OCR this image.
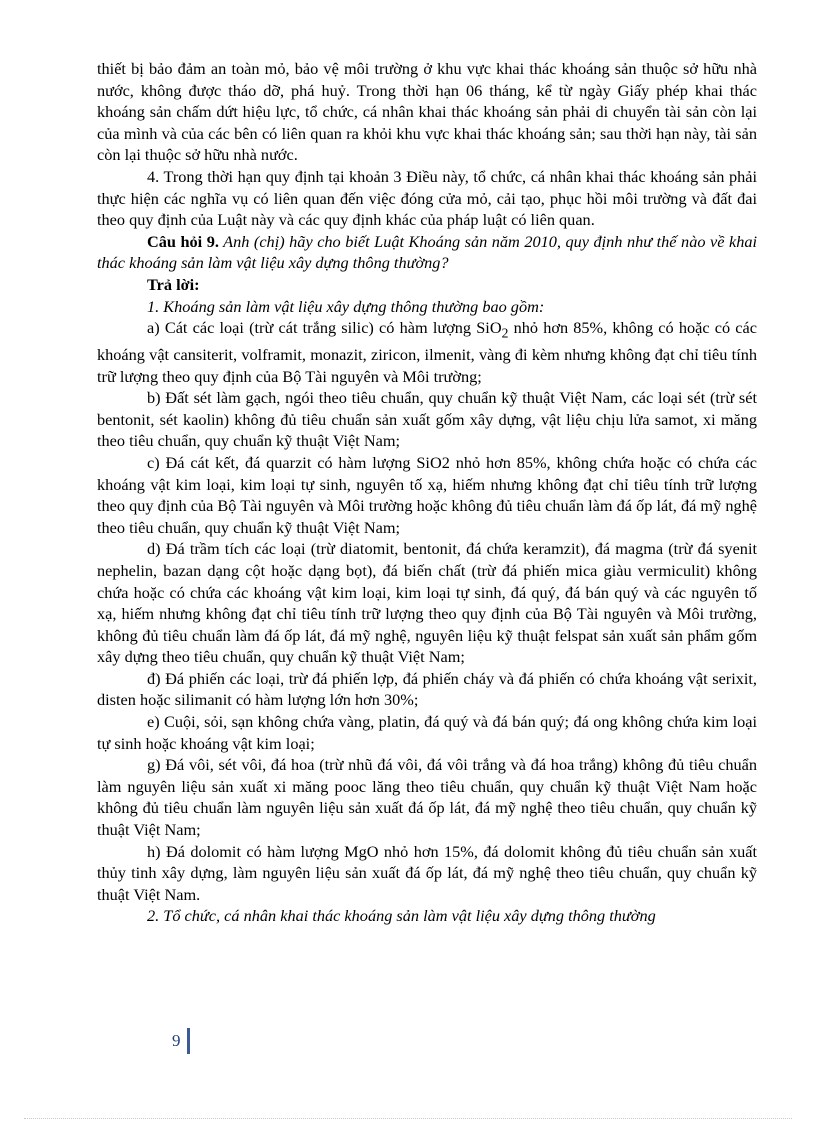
thiết bị bảo đảm an toàn mỏ, bảo vệ môi trường ở khu vực khai thác khoáng sản thuộc sở hữu nhà nước, không được tháo dỡ, phá huỷ. Trong thời hạn 06 tháng, kể từ ngày Giấy phép khai thác khoáng sản chấm dứt hiệu lực, tổ chức, cá nhân khai thác khoáng sản phải di chuyển tài sản còn lại của mình và của các bên có liên quan ra khỏi khu vực khai thác khoáng sản; sau thời hạn này, tài sản còn lại thuộc sở hữu nhà nước.

4. Trong thời hạn quy định tại khoản 3 Điều này, tổ chức, cá nhân khai thác khoáng sản phải thực hiện các nghĩa vụ có liên quan đến việc đóng cửa mỏ, cải tạo, phục hồi môi trường và đất đai theo quy định của Luật này và các quy định khác của pháp luật có liên quan.

Câu hỏi 9. Anh (chị) hãy cho biết Luật Khoáng sản năm 2010, quy định như thế nào về khai thác khoáng sản làm vật liệu xây dựng thông thường?

Trả lời:

1. Khoáng sản làm vật liệu xây dựng thông thường bao gồm:

a) Cát các loại (trừ cát trắng silic) có hàm lượng SiO$_2$ nhỏ hơn 85%, không có hoặc có các khoáng vật cansiterit, volframit, monazit, ziricon, ilmenit, vàng đi kèm nhưng không đạt chỉ tiêu tính trữ lượng theo quy định của Bộ Tài nguyên và Môi trường;

b) Đất sét làm gạch, ngói theo tiêu chuẩn, quy chuẩn kỹ thuật Việt Nam, các loại sét (trừ sét bentonit, sét kaolin) không đủ tiêu chuẩn sản xuất gốm xây dựng, vật liệu chịu lửa samot, xi măng theo tiêu chuẩn, quy chuẩn kỹ thuật Việt Nam;

c) Đá cát kết, đá quarzit có hàm lượng SiO2 nhỏ hơn 85%, không chứa hoặc có chứa các khoáng vật kim loại, kim loại tự sinh, nguyên tố xạ, hiếm nhưng không đạt chỉ tiêu tính trữ lượng theo quy định của Bộ Tài nguyên và Môi trường hoặc không đủ tiêu chuẩn làm đá ốp lát, đá mỹ nghệ theo tiêu chuẩn, quy chuẩn kỹ thuật Việt Nam;

d) Đá trầm tích các loại (trừ diatomit, bentonit, đá chứa keramzit), đá magma (trừ đá syenit nephelin, bazan dạng cột hoặc dạng bọt), đá biến chất (trừ đá phiến mica giàu vermiculit) không chứa hoặc có chứa các khoáng vật kim loại, kim loại tự sinh, đá quý, đá bán quý và các nguyên tố xạ, hiếm nhưng không đạt chỉ tiêu tính trữ lượng theo quy định của Bộ Tài nguyên và Môi trường, không đủ tiêu chuẩn làm đá ốp lát, đá mỹ nghệ, nguyên liệu kỹ thuật felspat sản xuất sản phẩm gốm xây dựng theo tiêu chuẩn, quy chuẩn kỹ thuật Việt Nam;

đ) Đá phiến các loại, trừ đá phiến lợp, đá phiến cháy và đá phiến có chứa khoáng vật serixit, disten hoặc silimanit có hàm lượng lớn hơn 30%;

e) Cuội, sỏi, sạn không chứa vàng, platin, đá quý và đá bán quý; đá ong không chứa kim loại tự sinh hoặc khoáng vật kim loại;

g) Đá vôi, sét vôi, đá hoa (trừ nhũ đá vôi, đá vôi trắng và đá hoa trắng) không đủ tiêu chuẩn làm nguyên liệu sản xuất xi măng pooc lăng theo tiêu chuẩn, quy chuẩn kỹ thuật Việt Nam hoặc không đủ tiêu chuẩn làm nguyên liệu sản xuất đá ốp lát, đá mỹ nghệ theo tiêu chuẩn, quy chuẩn kỹ thuật Việt Nam;

h) Đá dolomit có hàm lượng MgO nhỏ hơn 15%, đá dolomit không đủ tiêu chuẩn sản xuất thủy tinh xây dựng, làm nguyên liệu sản xuất đá ốp lát, đá mỹ nghệ theo tiêu chuẩn, quy chuẩn kỹ thuật Việt Nam.

2. Tổ chức, cá nhân khai thác khoáng sản làm vật liệu xây dựng thông thường

9
